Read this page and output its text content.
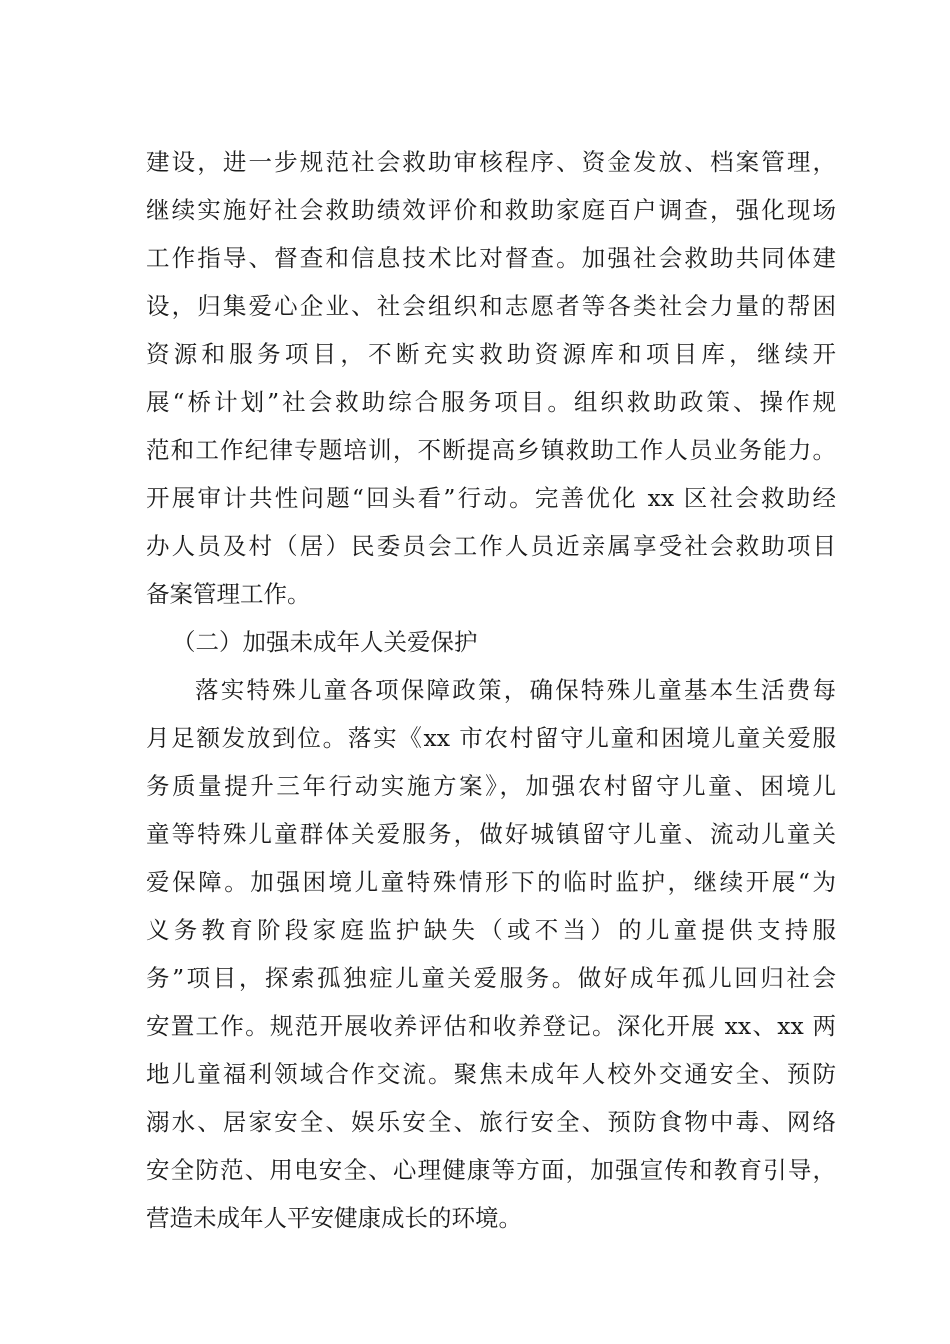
建设，进一步规范社会救助审核程序、资金发放、档案管理，
继续实施好社会救助绩效评价和救助家庭百户调查，强化现场
工作指导、督查和信息技术比对督查。加强社会救助共同体建
设，归集爱心企业、社会组织和志愿者等各类社会力量的帮困
资源和服务项目，不断充实救助资源库和项目库，继续开
展“桥计划”社会救助综合服务项目。组织救助政策、操作规
范和工作纪律专题培训，不断提高乡镇救助工作人员业务能力。
开展审计共性问题“回头看”行动。完善优化 xx 区社会救助经
办人员及村（居）民委员会工作人员近亲属享受社会救助项目
备案管理工作。
（二）加强未成年人关爱保护
落实特殊儿童各项保障政策，确保特殊儿童基本生活费每
月足额发放到位。落实《xx 市农村留守儿童和困境儿童关爱服
务质量提升三年行动实施方案》，加强农村留守儿童、困境儿
童等特殊儿童群体关爱服务，做好城镇留守儿童、流动儿童关
爱保障。加强困境儿童特殊情形下的临时监护，继续开展“为
义务教育阶段家庭监护缺失（或不当）的儿童提供支持服
务”项目，探索孤独症儿童关爱服务。做好成年孤儿回归社会
安置工作。规范开展收养评估和收养登记。深化开展 xx、xx 两
地儿童福利领域合作交流。聚焦未成年人校外交通安全、预防
溺水、居家安全、娱乐安全、旅行安全、预防食物中毒、网络
安全防范、用电安全、心理健康等方面，加强宣传和教育引导，
营造未成年人平安健康成长的环境。
